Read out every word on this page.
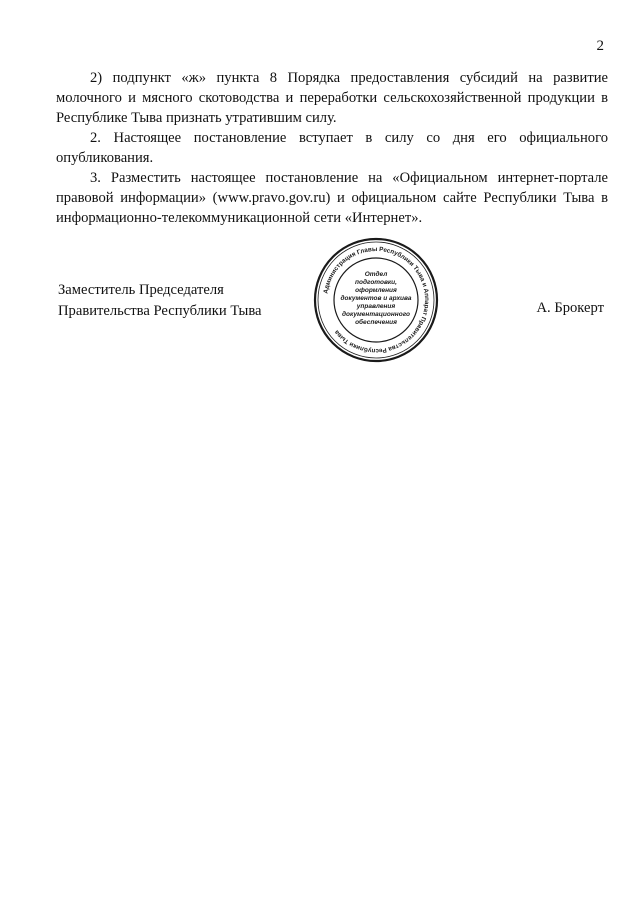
2

2) подпункт «ж» пункта 8 Порядка предоставления субсидий на развитие молочного и мясного скотоводства и переработки сельскохозяйственной продукции в Республике Тыва признать утратившим силу.

2. Настоящее постановление вступает в силу со дня его официального опубликования.

3. Разместить настоящее постановление на «Официальном интернет-портале правовой информации» (www.pravo.gov.ru) и официальном сайте Республики Тыва в информационно-телекоммуникационной сети «Интернет».

Заместитель Председателя
Правительства Республики Тыва	А. Брокерт
Администрация Главы Республики Тыва и Аппарат Правительства Республики Тыва
Отдел
подготовки,
оформления
документов и архива
управления
документационного
обеспечения
